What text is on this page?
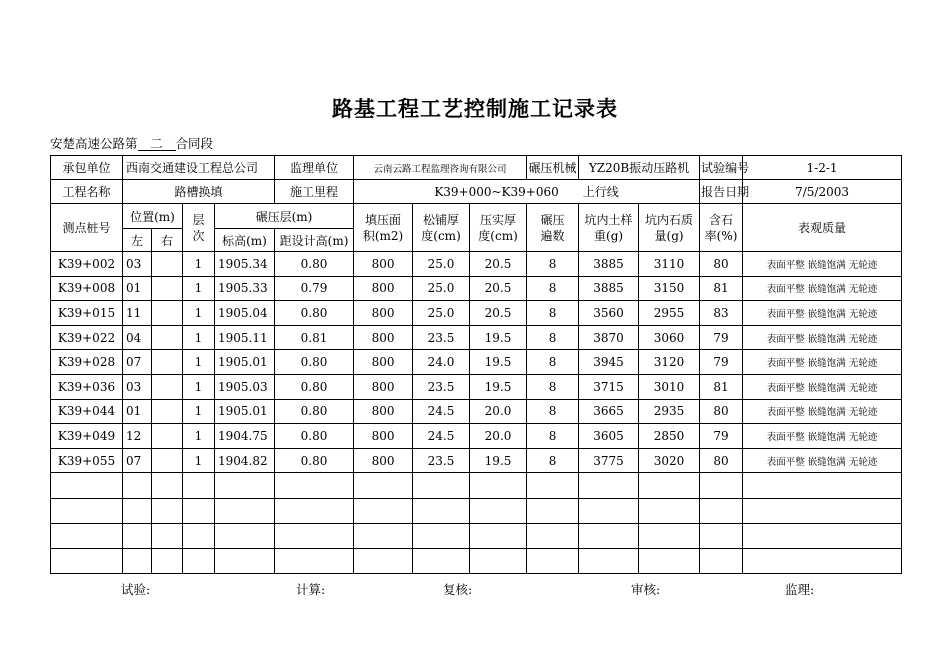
路基工程工艺控制施工记录表
安楚高速公路第 二 合同段
承包单位	西南交通建设工程总公司				监理单位	云南云路工程监理咨询有限公司			碾压机械	YZ20B振动压路机		试验编号	1-2-1
工程名称	路槽换填				施工里程	K39+000~K39+060　　上行线						报告日期	7/5/2003
测点桩号	位置(m)		层次	碾压层(m)		填压面积(m2)	松铺厚度(cm)	压实厚度(cm)	碾压遍数	坑内土样重(g)	坑内石质量(g)	含石率(%)	表观质量
	左	右		标高(m)	距设计高(m)								
K39+002	03		1	1905.34	0.80	800	25.0	20.5	8	3885	3110	80	表面平整 嵌缝饱满 无轮迹
K39+008	01		1	1905.33	0.79	800	25.0	20.5	8	3885	3150	81	表面平整 嵌缝饱满 无轮迹
K39+015	11		1	1905.04	0.80	800	25.0	20.5	8	3560	2955	83	表面平整 嵌缝饱满 无轮迹
K39+022	04		1	1905.11	0.81	800	23.5	19.5	8	3870	3060	79	表面平整 嵌缝饱满 无轮迹
K39+028	07		1	1905.01	0.80	800	24.0	19.5	8	3945	3120	79	表面平整 嵌缝饱满 无轮迹
K39+036	03		1	1905.03	0.80	800	23.5	19.5	8	3715	3010	81	表面平整 嵌缝饱满 无轮迹
K39+044	01		1	1905.01	0.80	800	24.5	20.0	8	3665	2935	80	表面平整 嵌缝饱满 无轮迹
K39+049	12		1	1904.75	0.80	800	24.5	20.0	8	3605	2850	79	表面平整 嵌缝饱满 无轮迹
K39+055	07		1	1904.82	0.80	800	23.5	19.5	8	3775	3020	80	表面平整 嵌缝饱满 无轮迹

试验:	计算:	复核:	审核:	监理:
